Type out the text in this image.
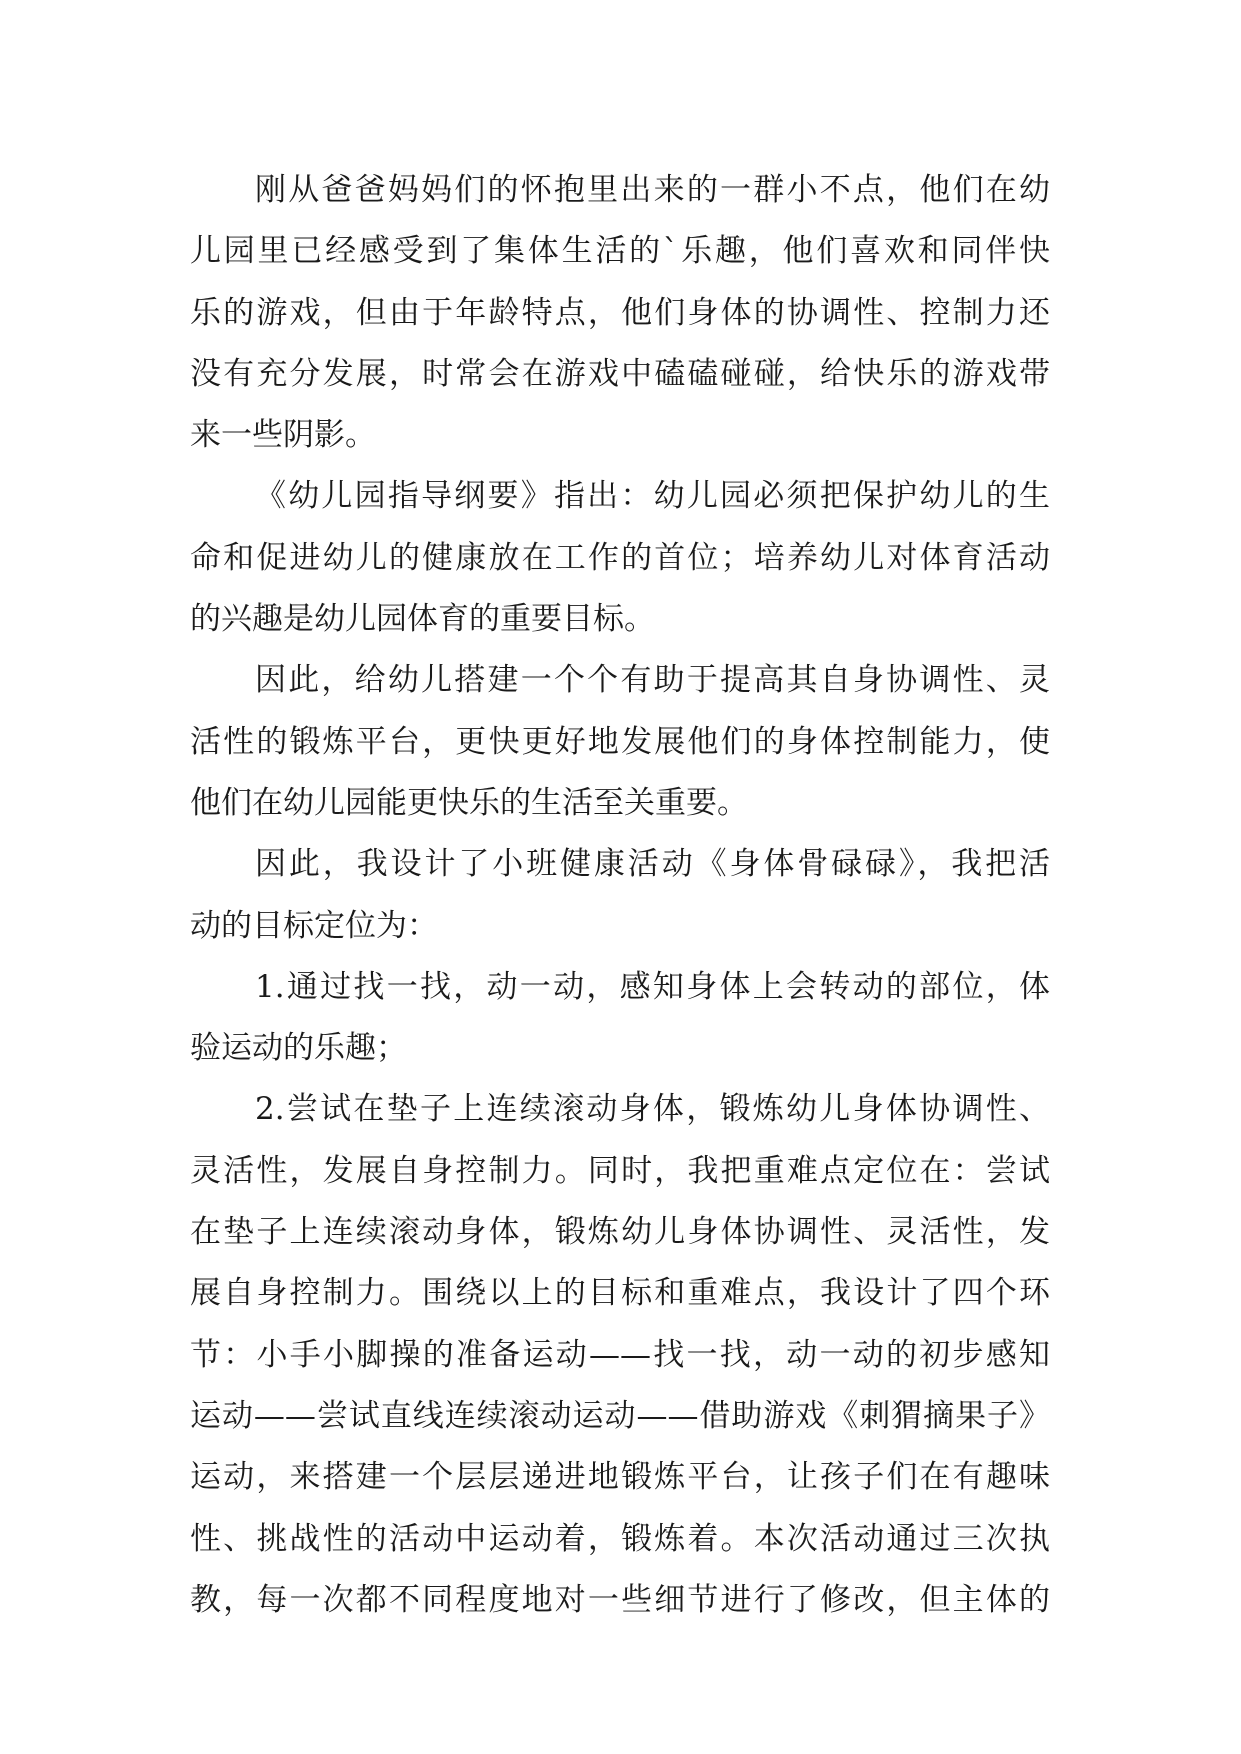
刚从爸爸妈妈们的怀抱里出来的一群小不点，他们在幼
儿园里已经感受到了集体生活的`乐趣，他们喜欢和同伴快
乐的游戏，但由于年龄特点，他们身体的协调性、控制力还
没有充分发展，时常会在游戏中磕磕碰碰，给快乐的游戏带
来一些阴影。
《幼儿园指导纲要》指出：幼儿园必须把保护幼儿的生
命和促进幼儿的健康放在工作的首位；培养幼儿对体育活动
的兴趣是幼儿园体育的重要目标。
因此，给幼儿搭建一个个有助于提高其自身协调性、灵
活性的锻炼平台，更快更好地发展他们的身体控制能力，使
他们在幼儿园能更快乐的生活至关重要。
因此，我设计了小班健康活动《身体骨碌碌》，我把活
动的目标定位为：
1.通过找一找，动一动，感知身体上会转动的部位，体
验运动的乐趣；
2.尝试在垫子上连续滚动身体，锻炼幼儿身体协调性、
灵活性，发展自身控制力。同时，我把重难点定位在：尝试
在垫子上连续滚动身体，锻炼幼儿身体协调性、灵活性，发
展自身控制力。围绕以上的目标和重难点，我设计了四个环
节：小手小脚操的准备运动——找一找，动一动的初步感知
运动——尝试直线连续滚动运动——借助游戏《刺猬摘果子》
运动，来搭建一个层层递进地锻炼平台，让孩子们在有趣味
性、挑战性的活动中运动着，锻炼着。本次活动通过三次执
教，每一次都不同程度地对一些细节进行了修改，但主体的
